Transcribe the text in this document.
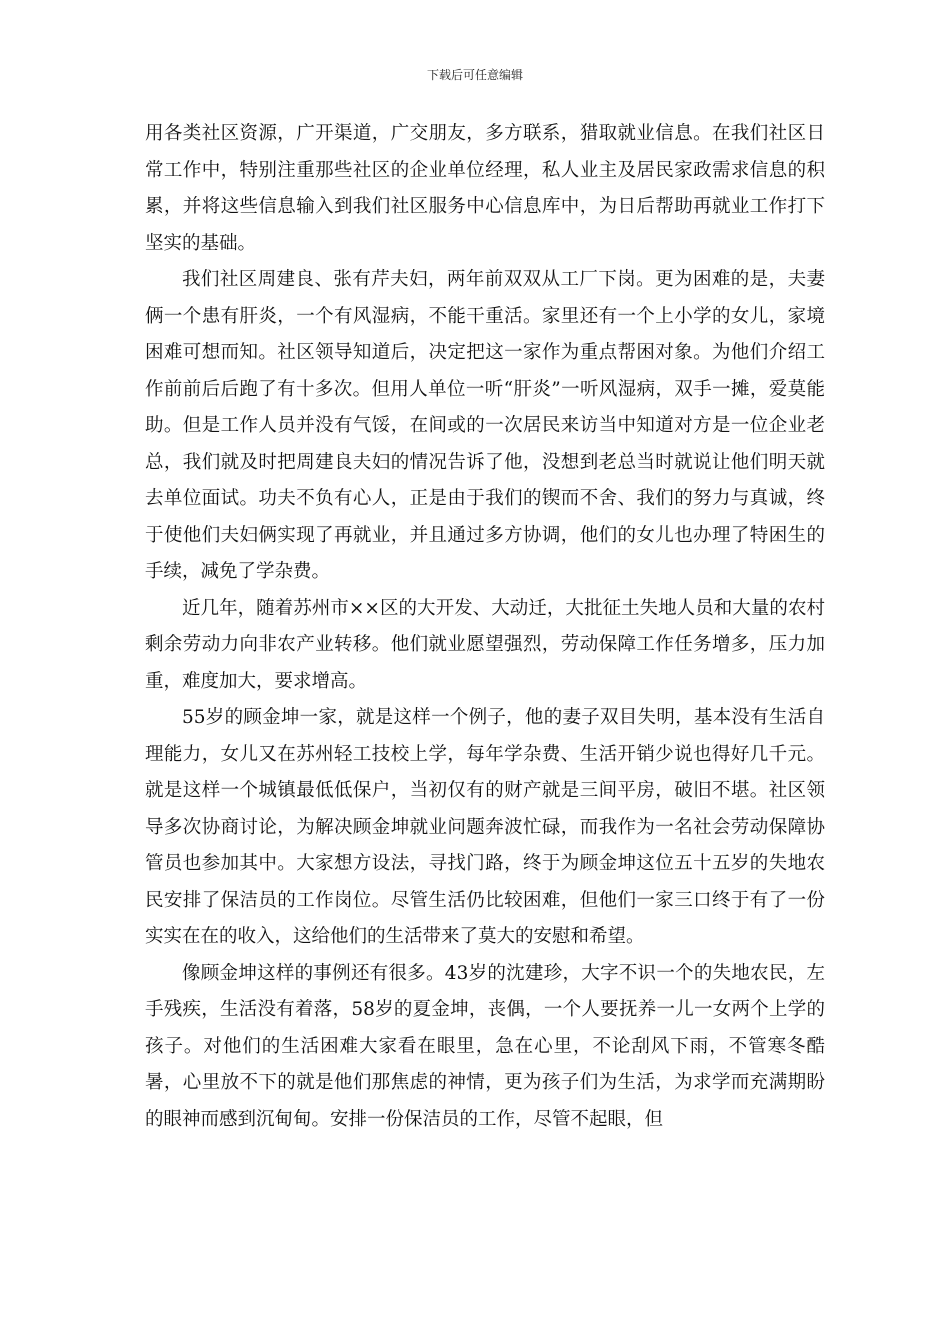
下载后可任意编辑

用各类社区资源，广开渠道，广交朋友，多方联系，猎取就业信息。在我们社区日常工作中，特别注重那些社区的企业单位经理，私人业主及居民家政需求信息的积累，并将这些信息输入到我们社区服务中心信息库中，为日后帮助再就业工作打下坚实的基础。

我们社区周建良、张有芹夫妇，两年前双双从工厂下岗。更为困难的是，夫妻俩一个患有肝炎，一个有风湿病，不能干重活。家里还有一个上小学的女儿，家境困难可想而知。社区领导知道后，决定把这一家作为重点帮困对象。为他们介绍工作前前后后跑了有十多次。但用人单位一听“肝炎”一听风湿病，双手一摊，爱莫能助。但是工作人员并没有气馁，在间或的一次居民来访当中知道对方是一位企业老总，我们就及时把周建良夫妇的情况告诉了他，没想到老总当时就说让他们明天就去单位面试。功夫不负有心人，正是由于我们的锲而不舍、我们的努力与真诚，终于使他们夫妇俩实现了再就业，并且通过多方协调，他们的女儿也办理了特困生的手续，减免了学杂费。

近几年，随着苏州市××区的大开发、大动迁，大批征土失地人员和大量的农村剩余劳动力向非农产业转移。他们就业愿望强烈，劳动保障工作任务增多，压力加重，难度加大，要求增高。

55岁的顾金坤一家，就是这样一个例子，他的妻子双目失明，基本没有生活自理能力，女儿又在苏州轻工技校上学，每年学杂费、生活开销少说也得好几千元。就是这样一个城镇最低低保户，当初仅有的财产就是三间平房，破旧不堪。社区领导多次协商讨论，为解决顾金坤就业问题奔波忙碌，而我作为一名社会劳动保障协管员也参加其中。大家想方设法，寻找门路，终于为顾金坤这位五十五岁的失地农民安排了保洁员的工作岗位。尽管生活仍比较困难，但他们一家三口终于有了一份实实在在的收入，这给他们的生活带来了莫大的安慰和希望。

像顾金坤这样的事例还有很多。43岁的沈建珍，大字不识一个的失地农民，左手残疾，生活没有着落，58岁的夏金坤，丧偶，一个人要抚养一儿一女两个上学的孩子。对他们的生活困难大家看在眼里，急在心里，不论刮风下雨，不管寒冬酷暑，心里放不下的就是他们那焦虑的神情，更为孩子们为生活，为求学而充满期盼的眼神而感到沉甸甸。安排一份保洁员的工作，尽管不起眼，但
